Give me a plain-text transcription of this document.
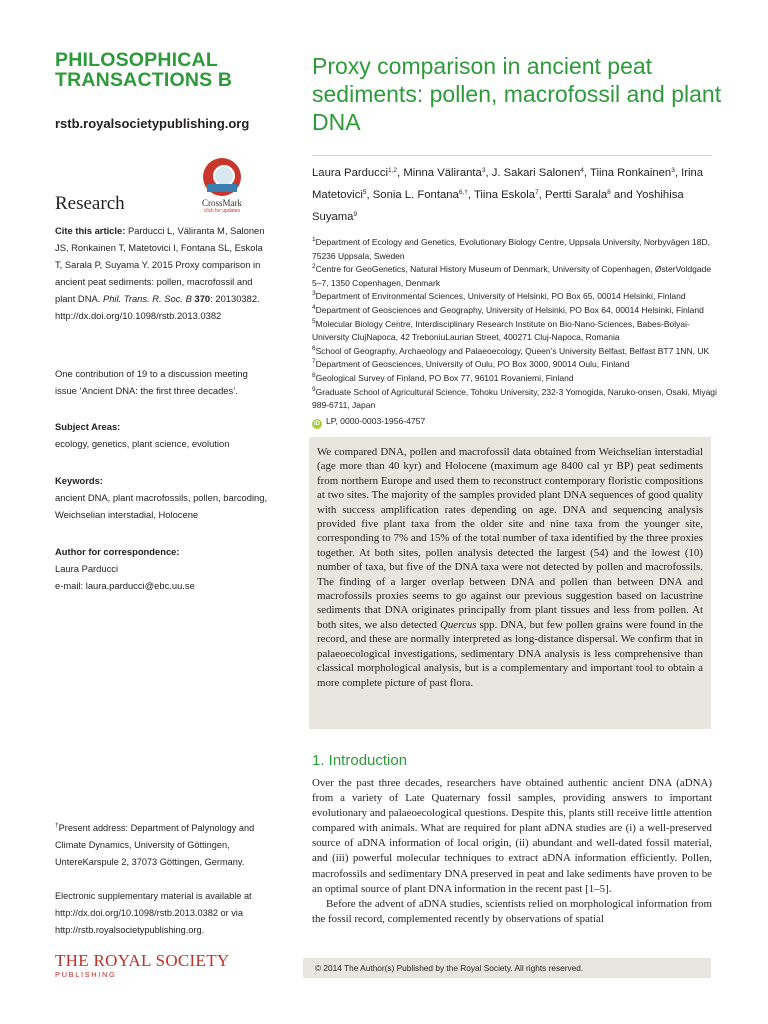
PHILOSOPHICAL
TRANSACTIONS B
rstb.royalsocietypublishing.org
Research	CrossMark
click for updates
Cite this article: Parducci L, Väliranta M, Salonen JS, Ronkainen T, Matetovici I, Fontana SL, Eskola T, Sarala P, Suyama Y. 2015 Proxy comparison in ancient peat sediments: pollen, macrofossil and plant DNA. Phil. Trans. R. Soc. B 370: 20130382. http://dx.doi.org/10.1098/rstb.2013.0382
One contribution of 19 to a discussion meeting issue ‘Ancient DNA: the first three decades’.
Subject Areas:
ecology, genetics, plant science, evolution
Keywords:
ancient DNA, plant macrofossils, pollen, barcoding, Weichselian interstadial, Holocene
Author for correspondence:
Laura Parducci
e-mail: laura.parducci@ebc.uu.se
†Present address: Department of Palynology and Climate Dynamics, University of Göttingen, UntereKarspule 2, 37073 Göttingen, Germany.
Electronic supplementary material is available at http://dx.doi.org/10.1098/rstb.2013.0382 or via http://rstb.royalsocietypublishing.org.
THE ROYAL SOCIETY
PUBLISHING
Proxy comparison in ancient peat sediments: pollen, macrofossil and plant DNA
Laura Parducci$^{1,2}$, Minna Väliranta$^3$, J. Sakari Salonen$^4$, Tiina Ronkainen$^3$, Irina Matetovici$^5$, Sonia L. Fontana$^{6,\dagger}$, Tiina Eskola$^7$, Pertti Sarala$^8$ and Yoshihisa Suyama$^9$
$^1$Department of Ecology and Genetics, Evolutionary Biology Centre, Uppsala University, Norbyvägen 18D, 75236 Uppsala, Sweden
$^2$Centre for GeoGenetics, Natural History Museum of Denmark, University of Copenhagen, ØsterVoldgade 5–7, 1350 Copenhagen, Denmark
$^3$Department of Environmental Sciences, University of Helsinki, PO Box 65, 00014 Helsinki, Finland
$^4$Department of Geosciences and Geography, University of Helsinki, PO Box 64, 00014 Helsinki, Finland
$^5$Molecular Biology Centre, Interdisciplinary Research Institute on Bio-Nano-Sciences, Babes-Bolyai-University ClujNapoca, 42 TreboniuLaurian Street, 400271 Cluj-Napoca, Romania
$^6$School of Geography, Archaeology and Palaeoecology, Queen’s University Belfast, Belfast BT7 1NN, UK
$^7$Department of Geosciences, University of Oulu, PO Box 3000, 90014 Oulu, Finland
$^8$Geological Survey of Finland, PO Box 77, 96101 Rovaniemi, Finland
$^9$Graduate School of Agricultural Science, Tohoku University, 232-3 Yomogida, Naruko-onsen, Osaki, Miyagi 989-6711, Japan
iD LP, 0000-0003-1956-4757

We compared DNA, pollen and macrofossil data obtained from Weichselian interstadial (age more than 40 kyr) and Holocene (maximum age 8400 cal yr BP) peat sediments from northern Europe and used them to reconstruct contemporary floristic compositions at two sites. The majority of the samples provided plant DNA sequences of good quality with success amplification rates depending on age. DNA and sequencing analysis provided five plant taxa from the older site and nine taxa from the younger site, corresponding to 7% and 15% of the total number of taxa identified by the three proxies together. At both sites, pollen analysis detected the largest (54) and the lowest (10) number of taxa, but five of the DNA taxa were not detected by pollen and macrofossils. The finding of a larger overlap between DNA and pollen than between DNA and macrofossils proxies seems to go against our previous suggestion based on lacustrine sediments that DNA originates principally from plant tissues and less from pollen. At both sites, we also detected Quercus spp. DNA, but few pollen grains were found in the record, and these are normally interpreted as long-distance dispersal. We confirm that in palaeoecological investigations, sedimentary DNA analysis is less comprehensive than classical morphological analysis, but is a complementary and important tool to obtain a more complete picture of past flora.

1. Introduction

Over the past three decades, researchers have obtained authentic ancient DNA (aDNA) from a variety of Late Quaternary fossil samples, providing answers to important evolutionary and palaeoecological questions. Despite this, plants still receive little attention compared with animals. What are required for plant aDNA studies are (i) a well-preserved source of aDNA information of local origin, (ii) abundant and well-dated fossil material, and (iii) powerful molecular techniques to extract aDNA information efficiently. Pollen, macrofossils and sedimentary DNA preserved in peat and lake sediments have proven to be an optimal source of plant DNA information in the recent past [1–5].

Before the advent of aDNA studies, scientists relied on morphological information from the fossil record, complemented recently by observations of spatial

© 2014 The Author(s) Published by the Royal Society. All rights reserved.
